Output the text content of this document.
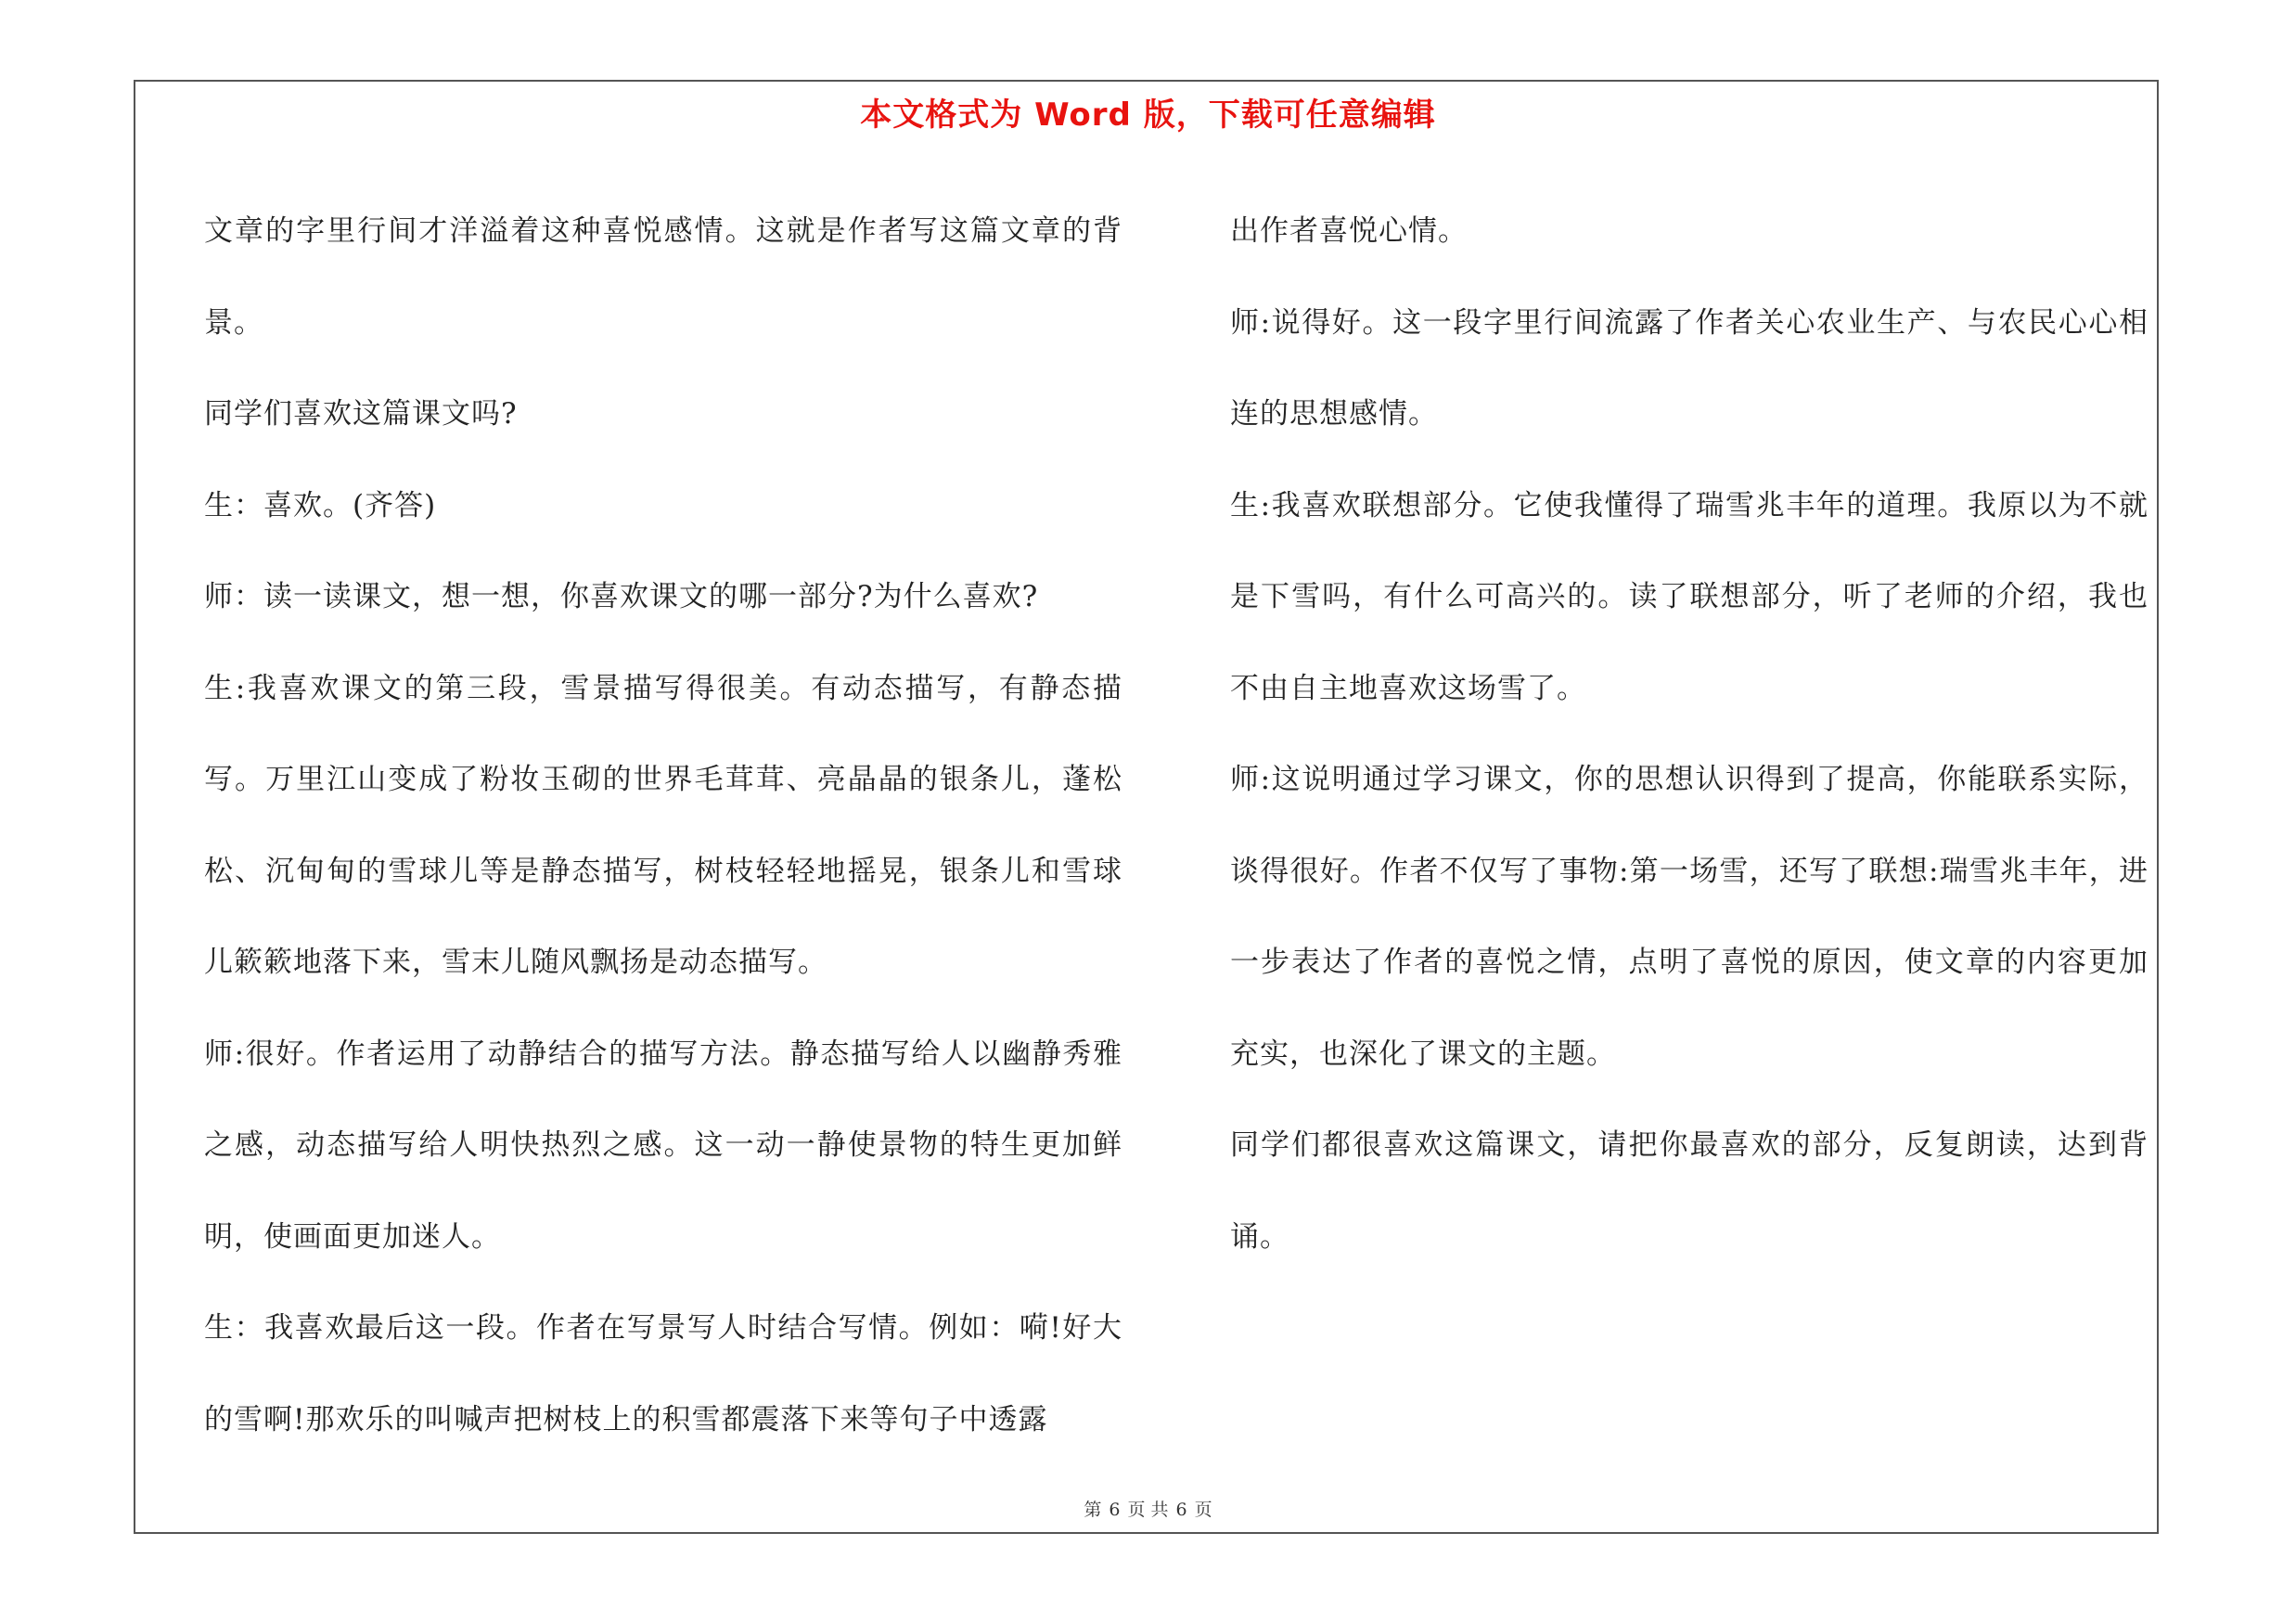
本文格式为 Word 版，下载可任意编辑

文章的字里行间才洋溢着这种喜悦感情。这就是作者写这篇文章的背景。

同学们喜欢这篇课文吗?

生：喜欢。(齐答)

师：读一读课文，想一想，你喜欢课文的哪一部分?为什么喜欢?

生:我喜欢课文的第三段，雪景描写得很美。有动态描写，有静态描写。万里江山变成了粉妆玉砌的世界毛茸茸、亮晶晶的银条儿，蓬松松、沉甸甸的雪球儿等是静态描写，树枝轻轻地摇晃，银条儿和雪球儿簌簌地落下来，雪末儿随风飘扬是动态描写。

师:很好。作者运用了动静结合的描写方法。静态描写给人以幽静秀雅之感，动态描写给人明快热烈之感。这一动一静使景物的特生更加鲜明，使画面更加迷人。

生：我喜欢最后这一段。作者在写景写人时结合写情。例如：嗬!好大的雪啊!那欢乐的叫喊声把树枝上的积雪都震落下来等句子中透露

出作者喜悦心情。

师:说得好。这一段字里行间流露了作者关心农业生产、与农民心心相连的思想感情。

生:我喜欢联想部分。它使我懂得了瑞雪兆丰年的道理。我原以为不就是下雪吗，有什么可高兴的。读了联想部分，听了老师的介绍，我也不由自主地喜欢这场雪了。

师:这说明通过学习课文，你的思想认识得到了提高，你能联系实际，谈得很好。作者不仅写了事物:第一场雪，还写了联想:瑞雪兆丰年，进一步表达了作者的喜悦之情，点明了喜悦的原因，使文章的内容更加充实，也深化了课文的主题。

同学们都很喜欢这篇课文，请把你最喜欢的部分，反复朗读，达到背诵。

第 6 页 共 6 页
